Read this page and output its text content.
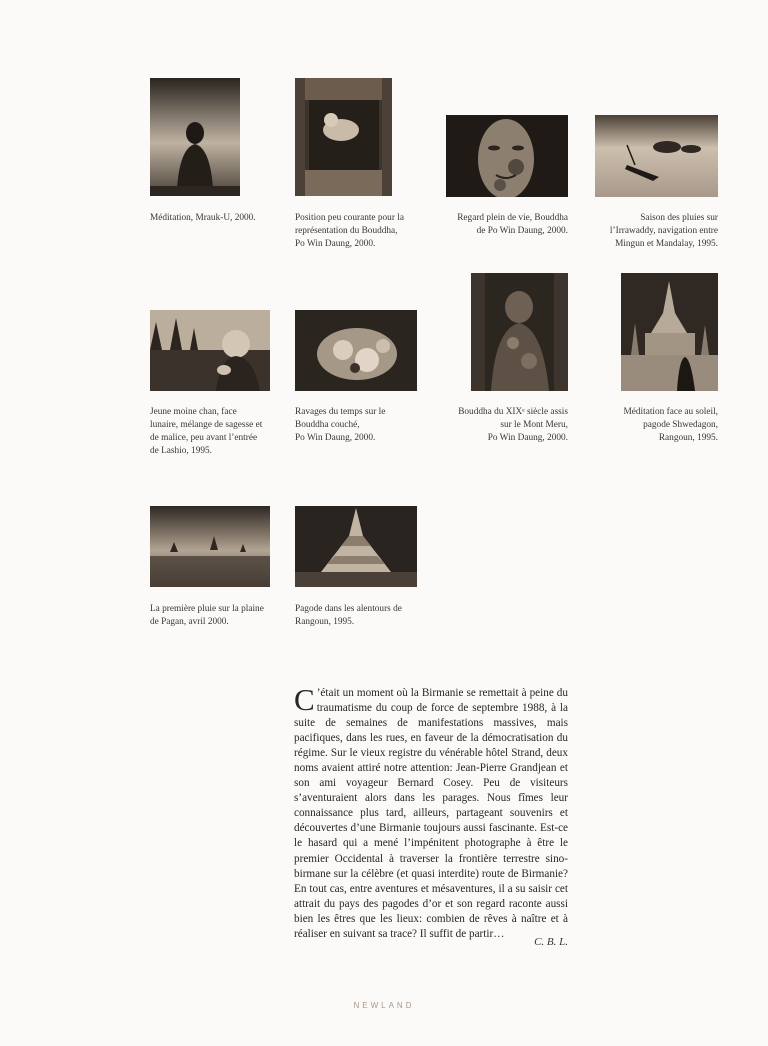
Méditation, Mrauk-U, 2000.	Position peu courante pour la
représentation du Bouddha,
Po Win Daung, 2000.
Regard plein de vie, Bouddha
de Po Win Daung, 2000.
Saison des pluies sur
l’Irrawaddy, navigation entre
Mingun et Mandalay, 1995.
Jeune moine chan, face
lunaire, mélange de sagesse et
de malice, peu avant l’entrée
de Lashio, 1995.
Ravages du temps sur le
Bouddha couché,
Po Win Daung, 2000.
Bouddha du XIXᵉ siècle assis
sur le Mont Meru,
Po Win Daung, 2000.
Méditation face au soleil,
pagode Shwedagon,
Rangoun, 1995.
La première pluie sur la plaine
de Pagan, avril 2000.
Pagode dans les alentours de
Rangoun, 1995.
C ’était un moment où la Birmanie se remettait à peine du traumatisme du coup de force de septembre 1988, à la suite de semaines de manifestations massives, mais pacifiques, dans les rues, en faveur de la démocratisation du régime. Sur le vieux registre du vénérable hôtel Strand, deux noms avaient attiré notre attention: Jean-Pierre Grandjean et son ami voyageur Bernard Cosey. Peu de visiteurs s’aventuraient alors dans les parages. Nous fîmes leur connaissance plus tard, ailleurs, partageant souvenirs et découvertes d’une Birmanie toujours aussi fascinante. Est-ce le hasard qui a mené l’impénitent photographe à être le premier Occidental à traverser la frontière terrestre sino-birmane sur la célèbre (et quasi interdite) route de Birmanie? En tout cas, entre aventures et mésaventures, il a su saisir cet attrait du pays des pagodes d’or et son regard raconte aussi bien les êtres que les lieux: combien de rêves à naître et à réaliser en suivant sa trace? Il suffit de partir…
C. B. L.
NEWLAND
